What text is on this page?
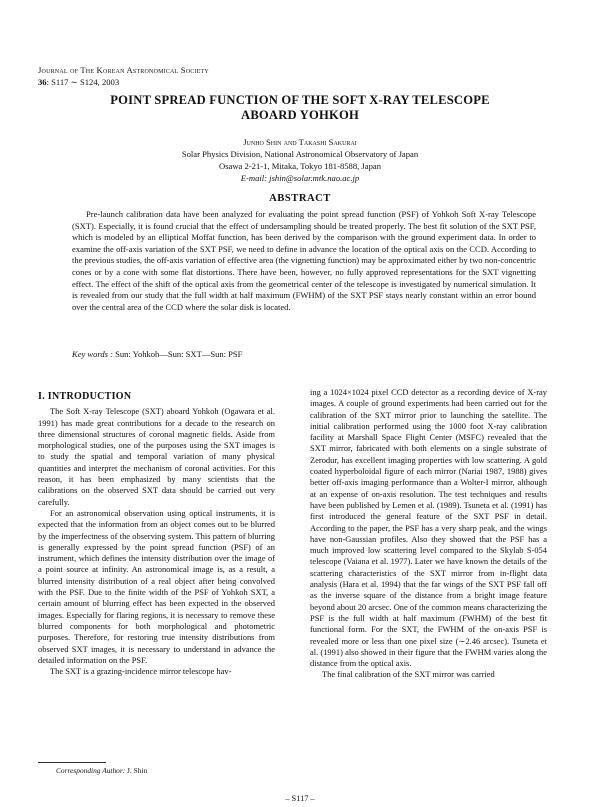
Journal of The Korean Astronomical Society
36: S117 ∼ S124, 2003
POINT SPREAD FUNCTION OF THE SOFT X-RAY TELESCOPE
ABOARD YOHKOH
Junho Shin and Takashi Sakurai
Solar Physics Division, National Astronomical Observatory of Japan
Osawa 2-21-1, Mitaka, Tokyo 181-8588, Japan
E-mail: jshin@solar.mtk.nao.ac.jp
ABSTRACT

Pre-launch calibration data have been analyzed for evaluating the point spread function (PSF) of Yohkoh Soft X-ray Telescope (SXT). Especially, it is found crucial that the effect of undersampling should be treated properly. The best fit solution of the SXT PSF, which is modeled by an elliptical Moffat function, has been derived by the comparison with the ground experiment data. In order to examine the off-axis variation of the SXT PSF, we need to define in advance the location of the optical axis on the CCD. According to the previous studies, the off-axis variation of effective area (the vignetting function) may be approximated either by two non-concentric cones or by a cone with some flat distortions. There have been, however, no fully approved representations for the SXT vignetting effect. The effect of the shift of the optical axis from the geometrical center of the telescope is investigated by numerical simulation. It is revealed from our study that the full width at half maximum (FWHM) of the SXT PSF stays nearly constant within an error bound over the central area of the CCD where the solar disk is located.

Key words : Sun: Yohkoh—Sun: SXT—Sun: PSF
I. INTRODUCTION

The Soft X-ray Telescope (SXT) aboard Yohkoh (Ogawara et al. 1991) has made great contributions for a decade to the research on three dimensional structures of coronal magnetic fields. Aside from morphological studies, one of the purposes using the SXT images is to study the spatial and temporal variation of many physical quantities and interpret the mechanism of coronal activities. For this reason, it has been emphasized by many scientists that the calibrations on the observed SXT data should be carried out very carefully.

For an astronomical observation using optical instruments, it is expected that the information from an object comes out to be blurred by the imperfectness of the observing system. This pattern of blurring is generally expressed by the point spread function (PSF) of an instrument, which defines the intensity distribution over the image of a point source at infinity. An astronomical image is, as a result, a blurred intensity distribution of a real object after being convolved with the PSF. Due to the finite width of the PSF of Yohkoh SXT, a certain amount of blurring effect has been expected in the observed images. Especially for flaring regions, it is necessary to remove these blurred components for both morphological and photometric purposes. Therefore, for restoring true intensity distributions from observed SXT images, it is necessary to understand in advance the detailed information on the PSF.

The SXT is a grazing-incidence mirror telescope hav-

ing a 1024×1024 pixel CCD detector as a recording device of X-ray images. A couple of ground experiments had been carried out for the calibration of the SXT mirror prior to launching the satellite. The initial calibration performed using the 1000 foot X-ray calibration facility at Marshall Space Flight Center (MSFC) revealed that the SXT mirror, fabricated with both elements on a single substrate of Zerodur, has excellent imaging properties with low scattering. A gold coated hyperboloidal figure of each mirror (Nariai 1987, 1988) gives better off-axis imaging performance than a Wolter-I mirror, although at an expense of on-axis resolution. The test techniques and results have been published by Lemen et al. (1989). Tsuneta et al. (1991) has first introduced the general feature of the SXT PSF in detail. According to the paper, the PSF has a very sharp peak, and the wings have non-Gaussian profiles. Also they showed that the PSF has a much improved low scattering level compared to the Skylab S-054 telescope (Vaiana et al. 1977). Later we have known the details of the scattering characteristics of the SXT mirror from in-flight data analysis (Hara et al. 1994) that the far wings of the SXT PSF fall off as the inverse square of the distance from a bright image feature beyond about 20 arcsec. One of the common means characterizing the PSF is the full width at half maximum (FWHM) of the best fit functional form. For the SXT, the FWHM of the on-axis PSF is revealed more or less than one pixel size (∼2.46 arcsec). Tsuneta et al. (1991) also showed in their figure that the FWHM varies along the distance from the optical axis.

The final calibration of the SXT mirror was carried

Corresponding Author: J. Shin
– S117 –
